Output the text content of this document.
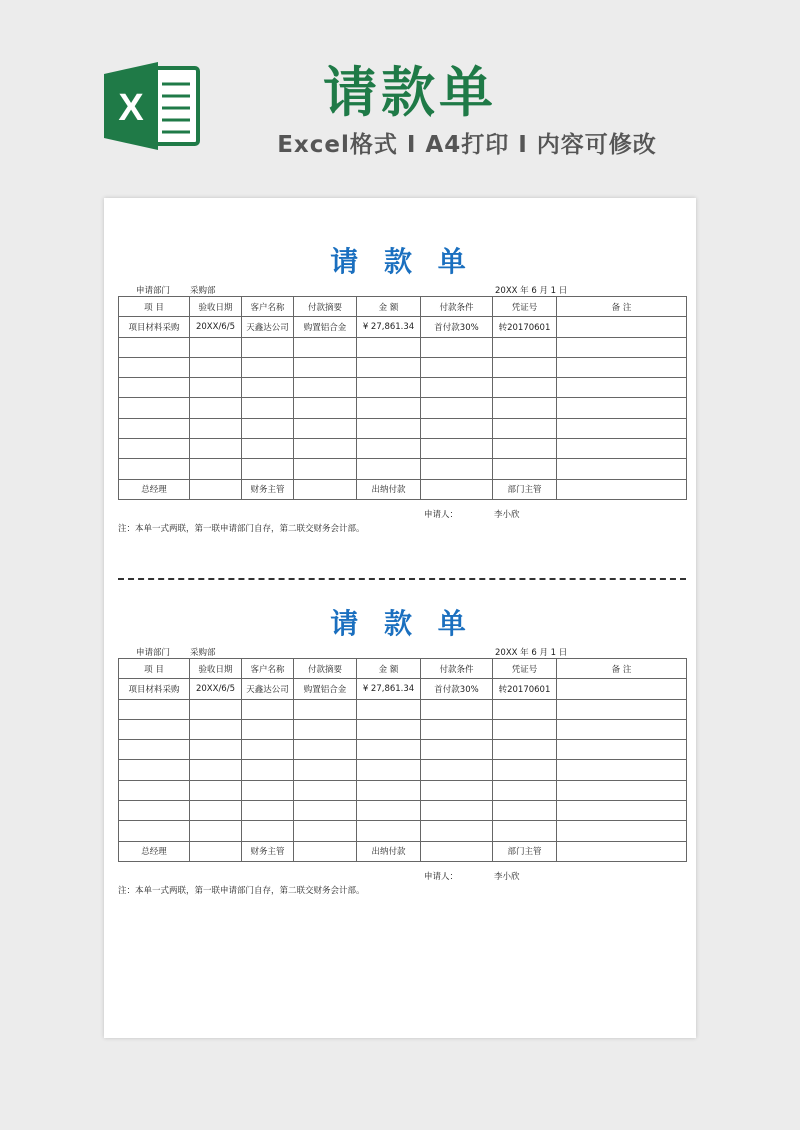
X	请款单
Excel格式 I A4打印 I 内容可修改
请 款 单
申请部门 采购部	20XX 年 6 月 1 日
项 目	验收日期	客户名称	付款摘要	金 额	付款条件	凭证号	备 注
项目材料采购	20XX/6/5	天鑫达公司	购置铝合金	¥ 27,861.34	首付款30%	转20170601	

总经理		财务主管		出纳付款		部门主管	
申请人：	李小欣
注：本单一式两联，第一联申请部门自存，第二联交财务会计部。
请 款 单
申请部门 采购部	20XX 年 6 月 1 日
项 目	验收日期	客户名称	付款摘要	金 额	付款条件	凭证号	备 注
项目材料采购	20XX/6/5	天鑫达公司	购置铝合金	¥ 27,861.34	首付款30%	转20170601	

总经理		财务主管		出纳付款		部门主管	
申请人：	李小欣
注：本单一式两联，第一联申请部门自存，第二联交财务会计部。
